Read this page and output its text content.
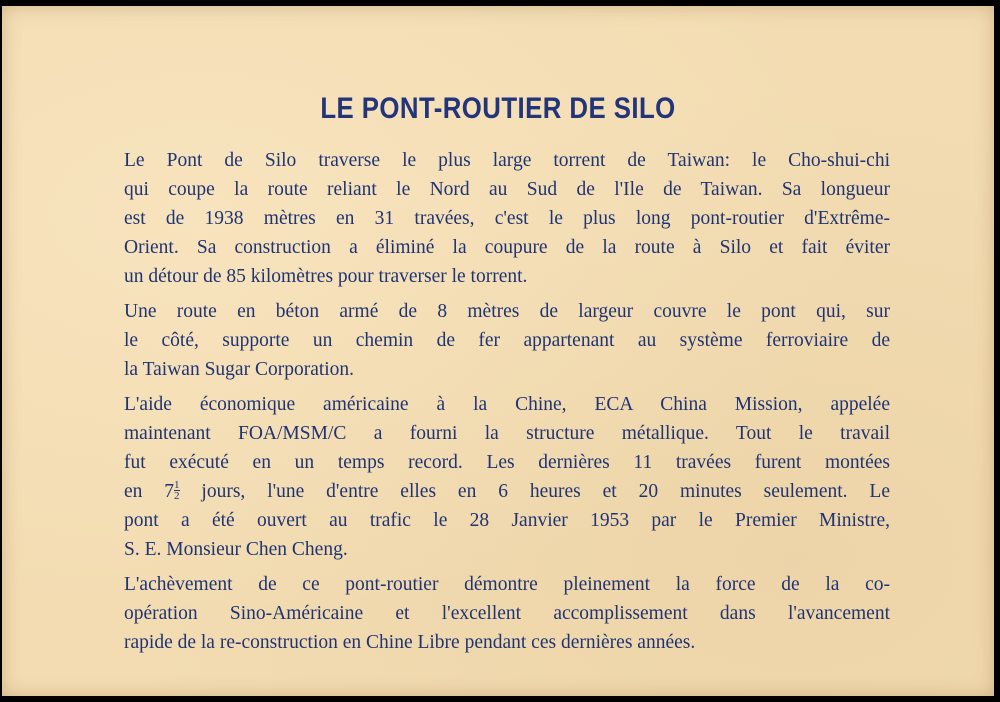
LE PONT-ROUTIER DE SILO
Le Pont de Silo traverse le plus large torrent de Taiwan: le Cho-shui-chi
qui coupe la route reliant le Nord au Sud de l'Ile de Taiwan. Sa longueur
est de 1938 mètres en 31 travées, c'est le plus long pont-routier d'Extrême-
Orient. Sa construction a éliminé la coupure de la route à Silo et fait éviter
un détour de 85 kilomètres pour traverser le torrent.
Une route en béton armé de 8 mètres de largeur couvre le pont qui, sur
le côté, supporte un chemin de fer appartenant au système ferroviaire de
la Taiwan Sugar Corporation.
L'aide économique américaine à la Chine, ECA China Mission, appelée
maintenant FOA/MSM/C a fourni la structure métallique. Tout le travail
fut exécuté en un temps record. Les dernières 11 travées furent montées
en $7 \frac{1}{2}$ jours, l'une d'entre elles en 6 heures et 20 minutes seulement. Le
pont a été ouvert au trafic le 28 Janvier 1953 par le Premier Ministre,
S. E. Monsieur Chen Cheng.
L'achèvement de ce pont-routier démontre pleinement la force de la co-
opération Sino-Américaine et l'excellent accomplissement dans l'avancement
rapide de la re-construction en Chine Libre pendant ces dernières années.
